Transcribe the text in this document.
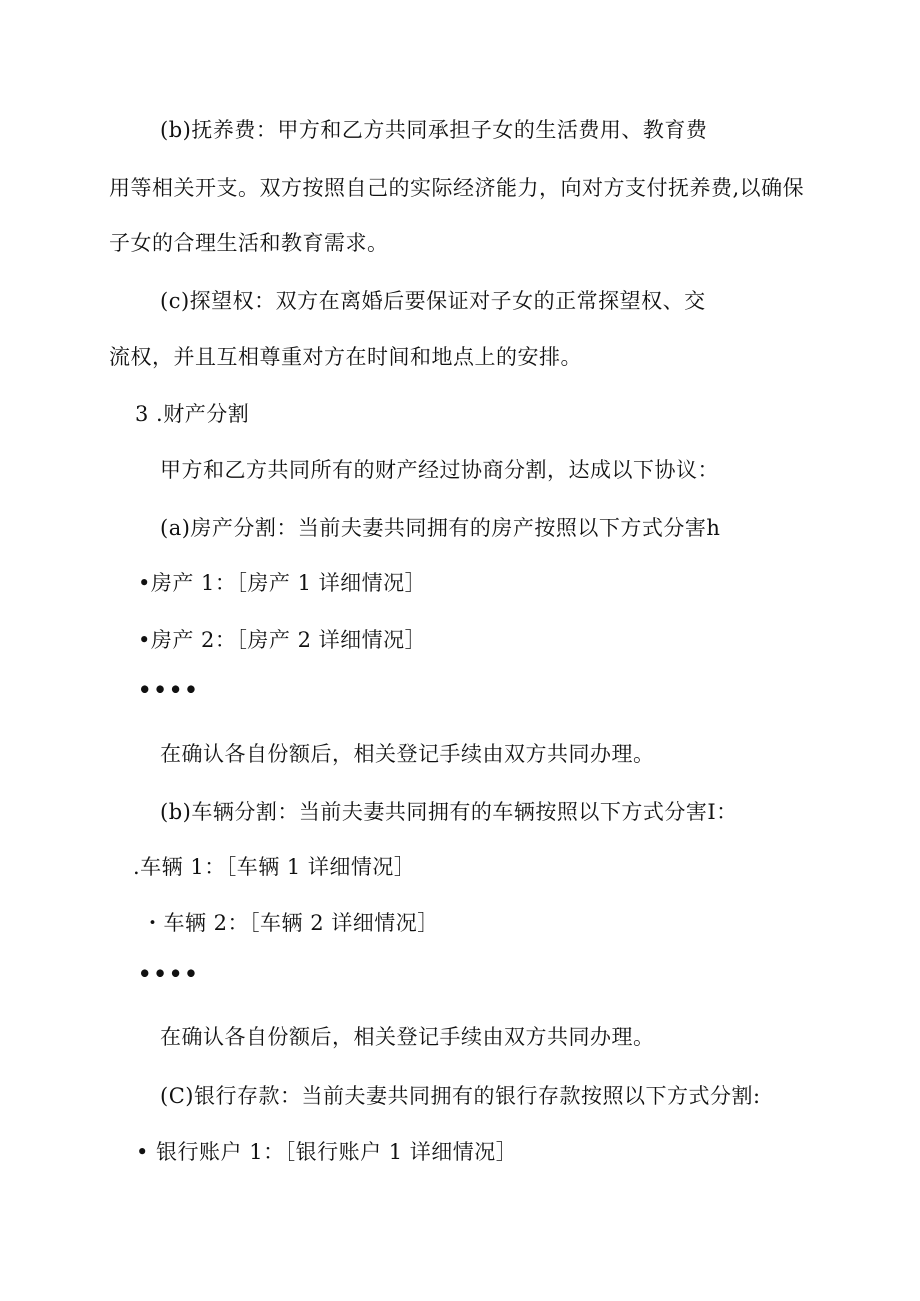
(b)抚养费：甲方和乙方共同承担子女的生活费用、教育费
用等相关开支。双方按照自己的实际经济能力，向对方支付抚养费,以确保
子女的合理生活和教育需求。
(c)探望权：双方在离婚后要保证对子女的正常探望权、交
流权，并且互相尊重对方在时间和地点上的安排。
3 .财产分割
甲方和乙方共同所有的财产经过协商分割，达成以下协议：
(a)房产分割：当前夫妻共同拥有的房产按照以下方式分害h
•房产 1：［房产 1 详细情况］
•房产 2：［房产 2 详细情况］
••••
在确认各自份额后，相关登记手续由双方共同办理。
(b)车辆分割：当前夫妻共同拥有的车辆按照以下方式分害I：
.车辆 1：［车辆 1 详细情况］
・车辆 2：［车辆 2 详细情况］
••••
在确认各自份额后，相关登记手续由双方共同办理。
(C)银行存款：当前夫妻共同拥有的银行存款按照以下方式分割:
• 银行账户 1：［银行账户 1 详细情况］
